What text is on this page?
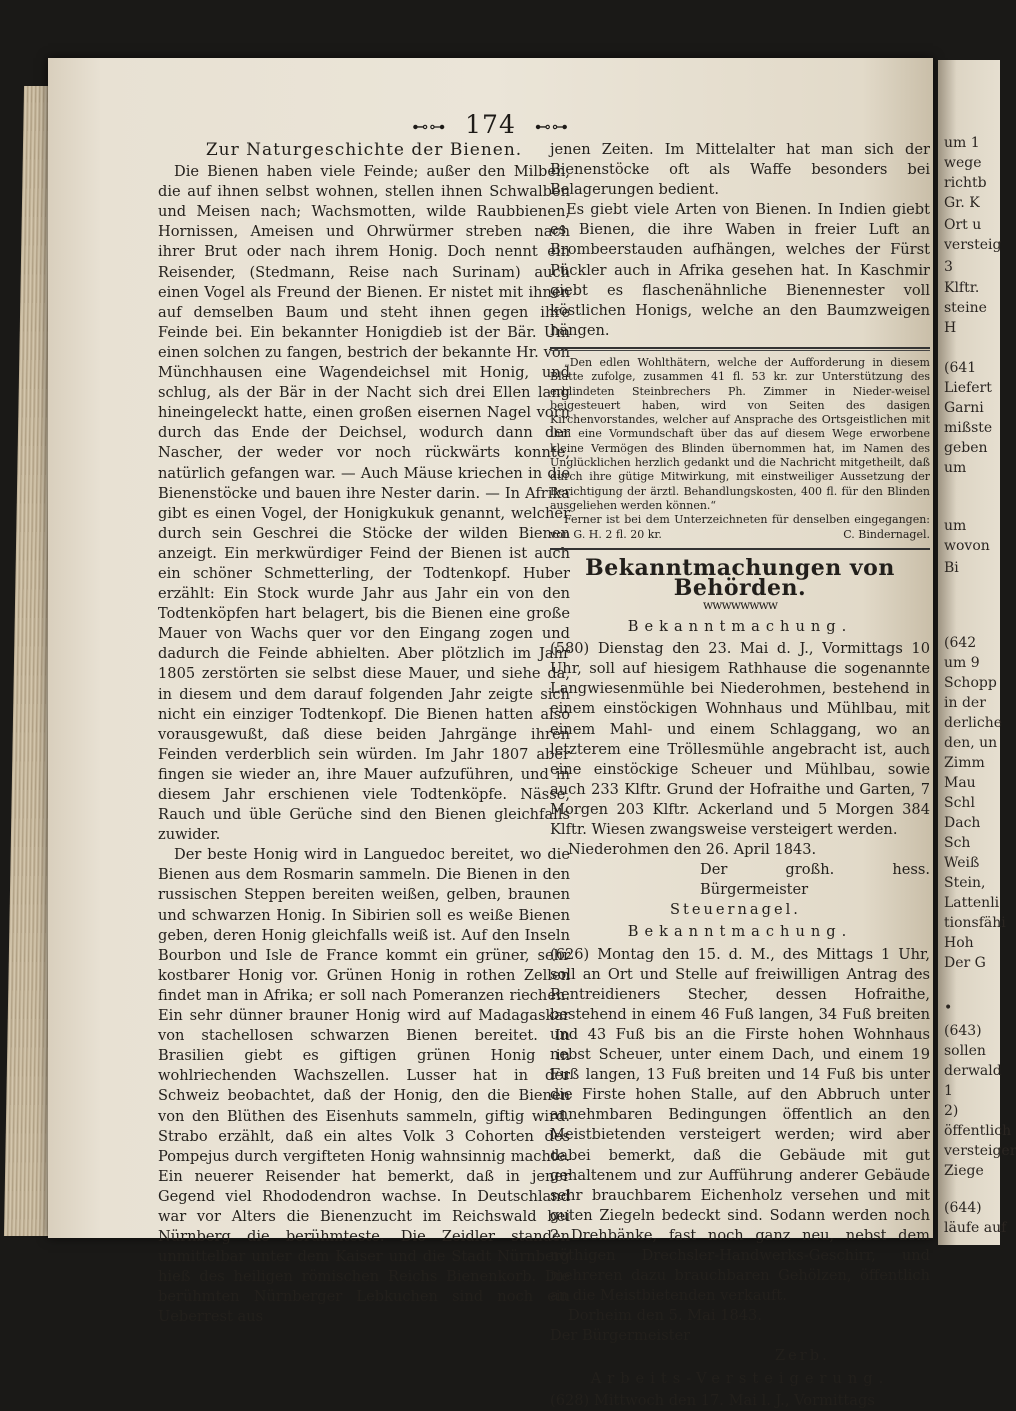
⊷⊶ 174 ⊷⊶
Zur Naturgeschichte der Bienen.

Die Bienen haben viele Feinde; außer den Milben, die auf ihnen selbst wohnen, stellen ihnen Schwalben und Meisen nach; Wachsmotten, wilde Raubbienen, Hornissen, Ameisen und Ohrwürmer streben nach ihrer Brut oder nach ihrem Honig. Doch nennt ein Reisender, (Stedmann, Reise nach Surinam) auch einen Vogel als Freund der Bienen. Er nistet mit ihnen auf demselben Baum und steht ihnen gegen ihre Feinde bei. Ein bekannter Honigdieb ist der Bär. Um einen solchen zu fangen, bestrich der bekannte Hr. von Münchhausen eine Wagendeichsel mit Honig, und schlug, als der Bär in der Nacht sich drei Ellen lang hineingeleckt hatte, einen großen eisernen Nagel vorn durch das Ende der Deichsel, wodurch dann der Nascher, der weder vor noch rückwärts konnte, natürlich gefangen war. — Auch Mäuse kriechen in die Bienenstöcke und bauen ihre Nester darin. — In Afrika gibt es einen Vogel, der Honigkukuk genannt, welcher durch sein Geschrei die Stöcke der wilden Bienen anzeigt. Ein merkwürdiger Feind der Bienen ist auch ein schöner Schmetterling, der Todtenkopf. Huber erzählt: Ein Stock wurde Jahr aus Jahr ein von den Todtenköpfen hart belagert, bis die Bienen eine große Mauer von Wachs quer vor den Eingang zogen und dadurch die Feinde abhielten. Aber plötzlich im Jahr 1805 zerstörten sie selbst diese Mauer, und siehe da, in diesem und dem darauf folgenden Jahr zeigte sich nicht ein einziger Todtenkopf. Die Bienen hatten also vorausgewußt, daß diese beiden Jahrgänge ihren Feinden verderblich sein würden. Im Jahr 1807 aber fingen sie wieder an, ihre Mauer aufzuführen, und in diesem Jahr erschienen viele Todtenköpfe. Nässe, Rauch und üble Gerüche sind den Bienen gleichfalls zuwider.

Der beste Honig wird in Languedoc bereitet, wo die Bienen aus dem Rosmarin sammeln. Die Bienen in den russischen Steppen bereiten weißen, gelben, braunen und schwarzen Honig. In Sibirien soll es weiße Bienen geben, deren Honig gleichfalls weiß ist. Auf den Inseln Bourbon und Isle de France kommt ein grüner, sehr kostbarer Honig vor. Grünen Honig in rothen Zellen findet man in Afrika; er soll nach Pomeranzen riechen. Ein sehr dünner brauner Honig wird auf Madagaskar von stachellosen schwarzen Bienen bereitet. In Brasilien giebt es giftigen grünen Honig in wohlriechenden Wachszellen. Lusser hat in der Schweiz beobachtet, daß der Honig, den die Bienen von den Blüthen des Eisenhuts sammeln, giftig wird. Strabo erzählt, daß ein altes Volk 3 Cohorten des Pompejus durch vergifteten Honig wahnsinnig machte. Ein neuerer Reisender hat bemerkt, daß in jener Gegend viel Rhododendron wachse. In Deutschland war vor Alters die Bienenzucht im Reichswald bei Nürnberg die berühmteste. Die Zeidler standen unmittelbar unter dem Kaiser und die Stadt Nürnberg hieß des heiligen römischen Reichs Bienenkorb. Die berühmten Nürnberger Lebkuchen sind noch ein Ueberrest aus

jenen Zeiten. Im Mittelalter hat man sich der Bienenstöcke oft als Waffe besonders bei Belagerungen bedient.

Es giebt viele Arten von Bienen. In Indien giebt es Bienen, die ihre Waben in freier Luft an Brombeerstauden aufhängen, welches der Fürst Pückler auch in Afrika gesehen hat. In Kaschmir giebt es flaschenähnliche Bienennester voll köstlichen Honigs, welche an den Baumzweigen hängen.

„Den edlen Wohlthätern, welche der Aufforderung in diesem Blatte zufolge, zusammen 41 fl. 53 kr. zur Unterstützung des erblindeten Steinbrechers Ph. Zimmer in Nieder-weisel beigesteuert haben, wird von Seiten des dasigen Kirchenvorstandes, welcher auf Ansprache des Ortsgeistlichen mit ihm eine Vormundschaft über das auf diesem Wege erworbene kleine Vermögen des Blinden übernommen hat, im Namen des Unglücklichen herzlich gedankt und die Nachricht mitgetheilt, daß durch ihre gütige Mitwirkung, mit einstweiliger Aussetzung der Berichtigung der ärztl. Behandlungskosten, 400 fl. für den Blinden ausgeliehen werden können.“

Ferner ist bei dem Unterzeichneten für denselben eingegangen: von G. H. 2 fl. 20 kr.	C. Bindernagel.

Bekanntmachungen von Behörden.
wwwwwwww
Bekanntmachung.

(580) Dienstag den 23. Mai d. J., Vormittags 10 Uhr, soll auf hiesigem Rathhause die sogenannte Langwiesenmühle bei Niederohmen, bestehend in einem einstöckigen Wohnhaus und Mühlbau, mit einem Mahl- und einem Schlaggang, wo an letzterem eine Tröllesmühle angebracht ist, auch eine einstöckige Scheuer und Mühlbau, sowie auch 233 Klftr. Grund der Hofraithe und Garten, 7 Morgen 203 Klftr. Ackerland und 5 Morgen 384 Klftr. Wiesen zwangsweise versteigert werden.

Niederohmen den 26. April 1843.

Der großh. hess. Bürgermeister

Steuernagel.

Bekanntmachung.

(626) Montag den 15. d. M., des Mittags 1 Uhr, soll an Ort und Stelle auf freiwilligen Antrag des Rentreidieners Stecher, dessen Hofraithe, bestehend in einem 46 Fuß langen, 34 Fuß breiten und 43 Fuß bis an die Firste hohen Wohnhaus nebst Scheuer, unter einem Dach, und einem 19 Fuß langen, 13 Fuß breiten und 14 Fuß bis unter die Firste hohen Stalle, auf den Abbruch unter annehmbaren Bedingungen öffentlich an den Meistbietenden versteigert werden; wird aber dabei bemerkt, daß die Gebäude mit gut gehaltenem und zur Aufführung anderer Gebäude sehr brauchbarem Eichenholz versehen und mit guten Ziegeln bedeckt sind. Sodann werden noch 2 Drehbänke, fast noch ganz neu, nebst dem nöthigen Drechsler-Handwerks-Geschirr, und mehreren dazu brauchbaren Gehölzen, öffentlich an die Meistbietenden verkauft.

Dorheim den 5. Mai 1843.

Der Bürgermeister

Zerb.

Arbeits-Versteigerung.

(628) Mittwoch den 17. Mai l. J., Vormittags

um 1
wege
richtb
Gr. K
Ort u
versteig
3
Klftr.
steine
H
(641
Liefert
Garni
mißste
geben
um
um
wovon
Bi
(642
um 9
Schopp
in der
derliche
den, un
Zimm
Mau
Schl
Dach
Sch
Weiß
Stein,
Lattenli
tionsfähi
Hoh
Der G
•
(643)
sollen
derwald
1
2)
öffentlich
versteiger
Ziege
(644)
läufe auf
